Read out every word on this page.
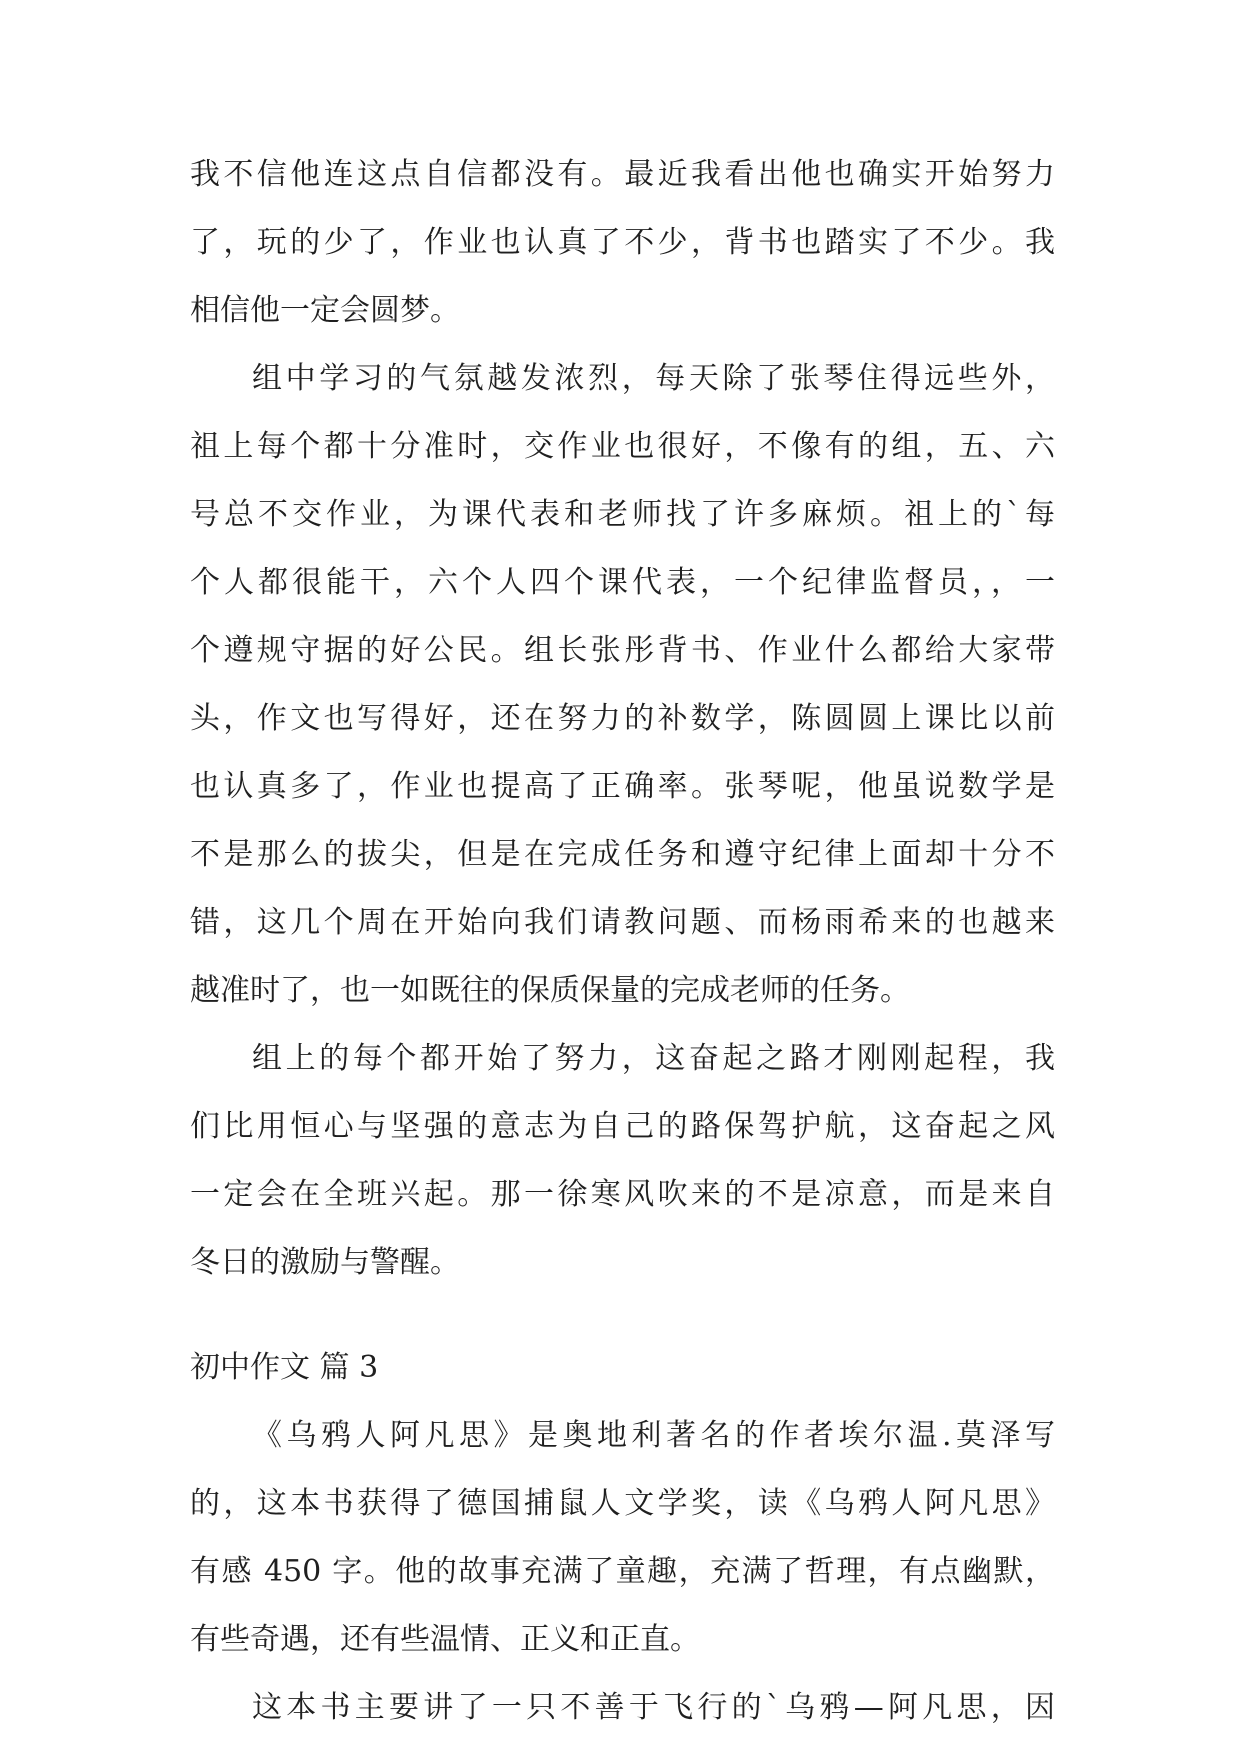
我不信他连这点自信都没有。最近我看出他也确实开始努力
了，玩的少了，作业也认真了不少，背书也踏实了不少。我
相信他一定会圆梦。
组中学习的气氛越发浓烈，每天除了张琴住得远些外，
祖上每个都十分准时，交作业也很好，不像有的组，五、六
号总不交作业，为课代表和老师找了许多麻烦。祖上的`每
个人都很能干，六个人四个课代表，一个纪律监督员，，一
个遵规守据的好公民。组长张彤背书、作业什么都给大家带
头，作文也写得好，还在努力的补数学，陈圆圆上课比以前
也认真多了，作业也提高了正确率。张琴呢，他虽说数学是
不是那么的拔尖，但是在完成任务和遵守纪律上面却十分不
错，这几个周在开始向我们请教问题、而杨雨希来的也越来
越准时了，也一如既往的保质保量的完成老师的任务。
组上的每个都开始了努力，这奋起之路才刚刚起程，我
们比用恒心与坚强的意志为自己的路保驾护航，这奋起之风
一定会在全班兴起。那一徐寒风吹来的不是凉意，而是来自
冬日的激励与警醒。
初中作文 篇 3
《乌鸦人阿凡思》是奥地利著名的作者埃尔温.莫泽写
的，这本书获得了德国捕鼠人文学奖，读《乌鸦人阿凡思》
有感 450 字。他的故事充满了童趣，充满了哲理，有点幽默，
有些奇遇，还有些温情、正义和正直。
这本书主要讲了一只不善于飞行的`乌鸦—阿凡思，因
